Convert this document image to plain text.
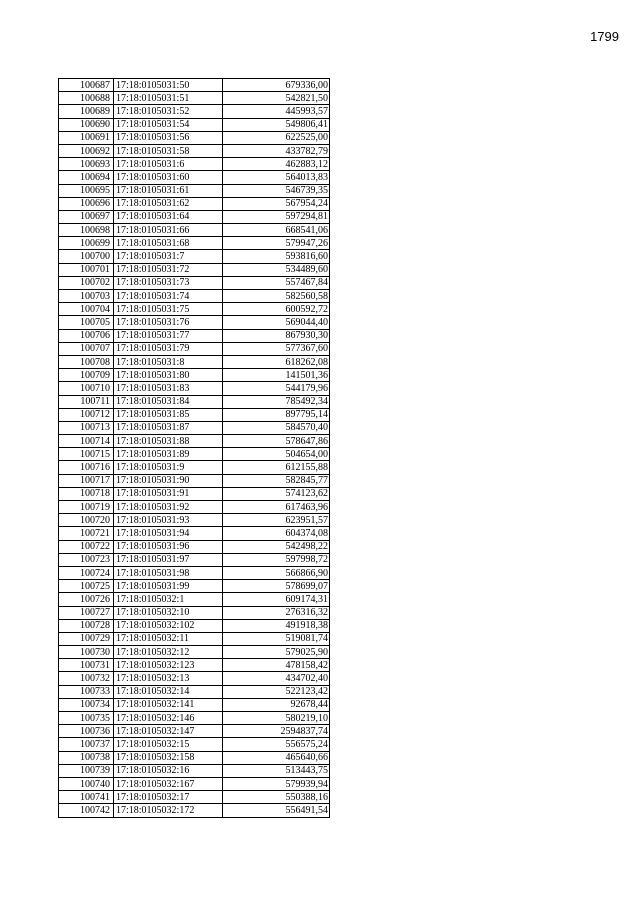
1799
100687	17:18:0105031:50	679336,00
100688	17:18:0105031:51	542821,50
100689	17:18:0105031:52	445993,57
100690	17:18:0105031:54	549806,41
100691	17:18:0105031:56	622525,00
100692	17:18:0105031:58	433782,79
100693	17:18:0105031:6	462883,12
100694	17:18:0105031:60	564013,83
100695	17:18:0105031:61	546739,35
100696	17:18:0105031:62	567954,24
100697	17:18:0105031:64	597294,81
100698	17:18:0105031:66	668541,06
100699	17:18:0105031:68	579947,26
100700	17:18:0105031:7	593816,60
100701	17:18:0105031:72	534489,60
100702	17:18:0105031:73	557467,84
100703	17:18:0105031:74	582560,58
100704	17:18:0105031:75	600592,72
100705	17:18:0105031:76	569044,40
100706	17:18:0105031:77	867930,30
100707	17:18:0105031:79	577367,60
100708	17:18:0105031:8	618262,08
100709	17:18:0105031:80	141501,36
100710	17:18:0105031:83	544179,96
100711	17:18:0105031:84	785492,34
100712	17:18:0105031:85	897795,14
100713	17:18:0105031:87	584570,40
100714	17:18:0105031:88	578647,86
100715	17:18:0105031:89	504654,00
100716	17:18:0105031:9	612155,88
100717	17:18:0105031:90	582845,77
100718	17:18:0105031:91	574123,62
100719	17:18:0105031:92	617463,96
100720	17:18:0105031:93	623951,57
100721	17:18:0105031:94	604374,08
100722	17:18:0105031:96	542498,22
100723	17:18:0105031:97	597998,72
100724	17:18:0105031:98	566866,90
100725	17:18:0105031:99	578699,07
100726	17:18:0105032:1	609174,31
100727	17:18:0105032:10	276316,32
100728	17:18:0105032:102	491918,38
100729	17:18:0105032:11	519081,74
100730	17:18:0105032:12	579025,90
100731	17:18:0105032:123	478158,42
100732	17:18:0105032:13	434702,40
100733	17:18:0105032:14	522123,42
100734	17:18:0105032:141	92678,44
100735	17:18:0105032:146	580219,10
100736	17:18:0105032:147	2594837,74
100737	17:18:0105032:15	556575,24
100738	17:18:0105032:158	465640,66
100739	17:18:0105032:16	513443,75
100740	17:18:0105032:167	579939,94
100741	17:18:0105032:17	550388,16
100742	17:18:0105032:172	556491,54
